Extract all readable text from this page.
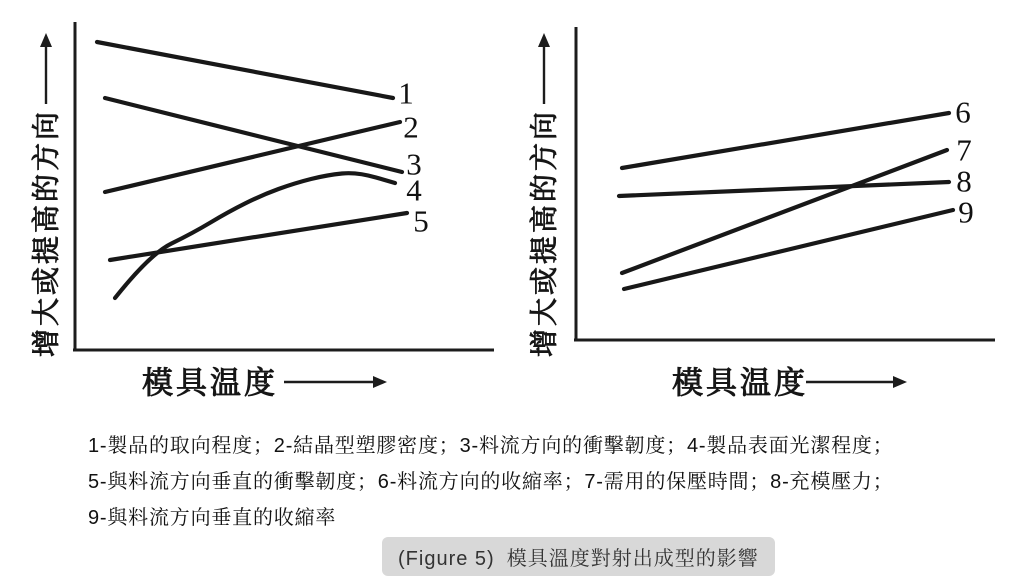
增大或提高的方向
模具温度
1
2
3
4
5	增大或提高的方向
模具温度
6
7
8
9
1-製品的取向程度；2-結晶型塑膠密度；3-料流方向的衝擊韌度；4-製品表面光潔程度；
5-與料流方向垂直的衝擊韌度；6-料流方向的收縮率；7-需用的保壓時間；8-充模壓力；
9-與料流方向垂直的收縮率
(Figure 5) 模具溫度對射出成型的影響
